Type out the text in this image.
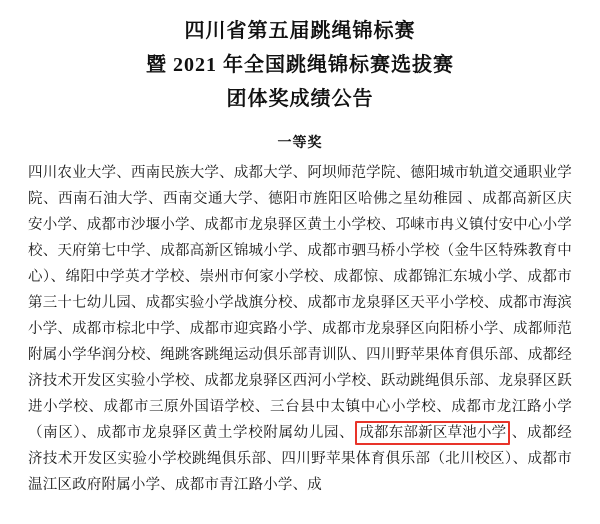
四川省第五届跳绳锦标赛
暨 2021 年全国跳绳锦标赛选拔赛
团体奖成绩公告
一等奖
四川农业大学、西南民族大学、成都大学、阿坝师范学院、德阳城市轨道交通职业学院、西南石油大学、西南交通大学、德阳市旌阳区哈佛之星幼稚园 、成都高新区庆安小学、成都市沙堰小学、成都市龙泉驿区黄土小学校、邛崃市冉义镇付安中心小学校、天府第七中学、成都高新区锦城小学、成都市驷马桥小学校（金牛区特殊教育中心）、绵阳中学英才学校、崇州市何家小学校、成都惊、成都锦汇东城小学、成都市第三十七幼儿园、成都实验小学战旗分校、成都市龙泉驿区天平小学校、成都市海滨小学、成都市棕北中学、成都市迎宾路小学、成都市龙泉驿区向阳桥小学、成都师范附属小学华润分校、绳跳客跳绳运动俱乐部青训队、四川野苹果体育俱乐部、成都经济技术开发区实验小学校、成都龙泉驿区西河小学校、跃动跳绳俱乐部、龙泉驿区跃进小学校、成都市三原外国语学校、三台县中太镇中心小学校、成都市龙江路小学（南区）、成都市龙泉驿区黄土学校附属幼儿园、 成都东部新区草池小学 、成都经济技术开发区实验小学校跳绳俱乐部、四川野苹果体育俱乐部（北川校区）、成都市温江区政府附属小学、成都市青江路小学、成
